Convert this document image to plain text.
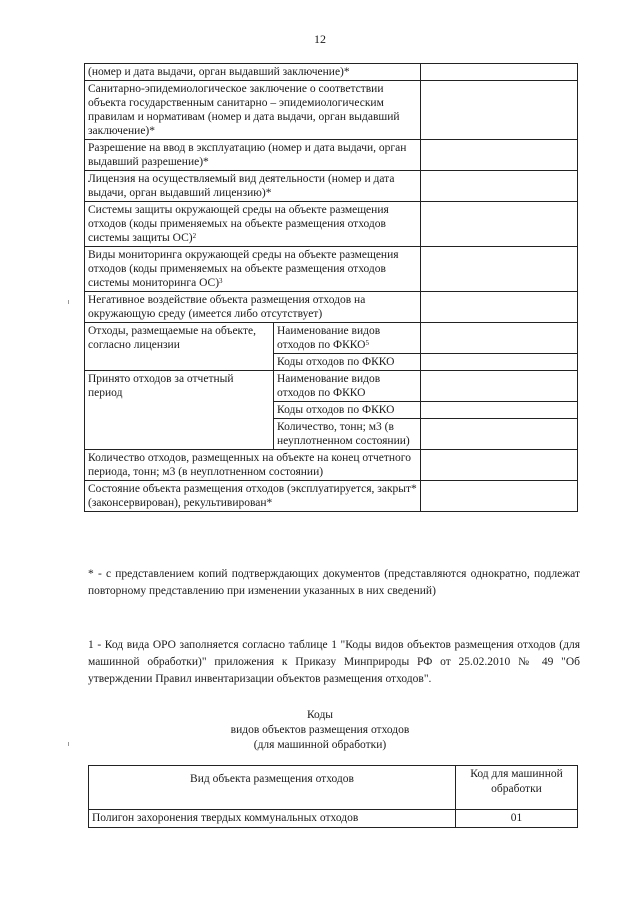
12
(номер и дата выдачи, орган выдавший заключение)*		
Санитарно-эпидемиологическое заключение о соответствии объекта государственным санитарно – эпидемиологическим правилам и нормативам (номер и дата выдачи, орган выдавший заключение)*		
Разрешение на ввод в эксплуатацию (номер и дата выдачи, орган выдавший разрешение)*		
Лицензия на осуществляемый вид деятельности (номер и дата выдачи, орган выдавший лицензию)*		
Системы защиты окружающей среды на объекте размещения отходов (коды применяемых на объекте размещения отходов системы защиты ОС)$^2$	
Виды мониторинга окружающей среды на объекте размещения отходов (коды применяемых на объекте размещения отходов системы мониторинга ОС)$^3$	
Негативное воздействие объекта размещения отходов на окружающую среду (имеется либо отсутствует)		
Отходы, размещаемые на объекте, согласно лицензии	Наименование видов отходов по ФККО$^5$	
	Коды отходов по ФККО	
Принято отходов за отчетный период	Наименование видов отходов по ФККО	
	Коды отходов по ФККО	
	Количество, тонн; м3 (в неуплотненном состоянии)	
Количество отходов, размещенных на объекте на конец отчетного периода, тонн; м3 (в неуплотненном состоянии)		
Состояние объекта размещения отходов (эксплуатируется, закрыт* (законсервирован), рекультивирован*		
* - с представлением копий подтверждающих документов (представляются однократно, подлежат повторному представлению при изменении указанных в них сведений)
1 - Код вида ОРО заполняется согласно таблице 1 "Коды видов объектов размещения отходов (для машинной обработки)" приложения к Приказу Минприроды РФ от 25.02.2010 № 49 "Об утверждении Правил инвентаризации объектов размещения отходов".
Коды
видов объектов размещения отходов
(для машинной обработки)
Вид объекта размещения отходов	Код для машинной обработки
Полигон захоронения твердых коммунальных отходов	01
